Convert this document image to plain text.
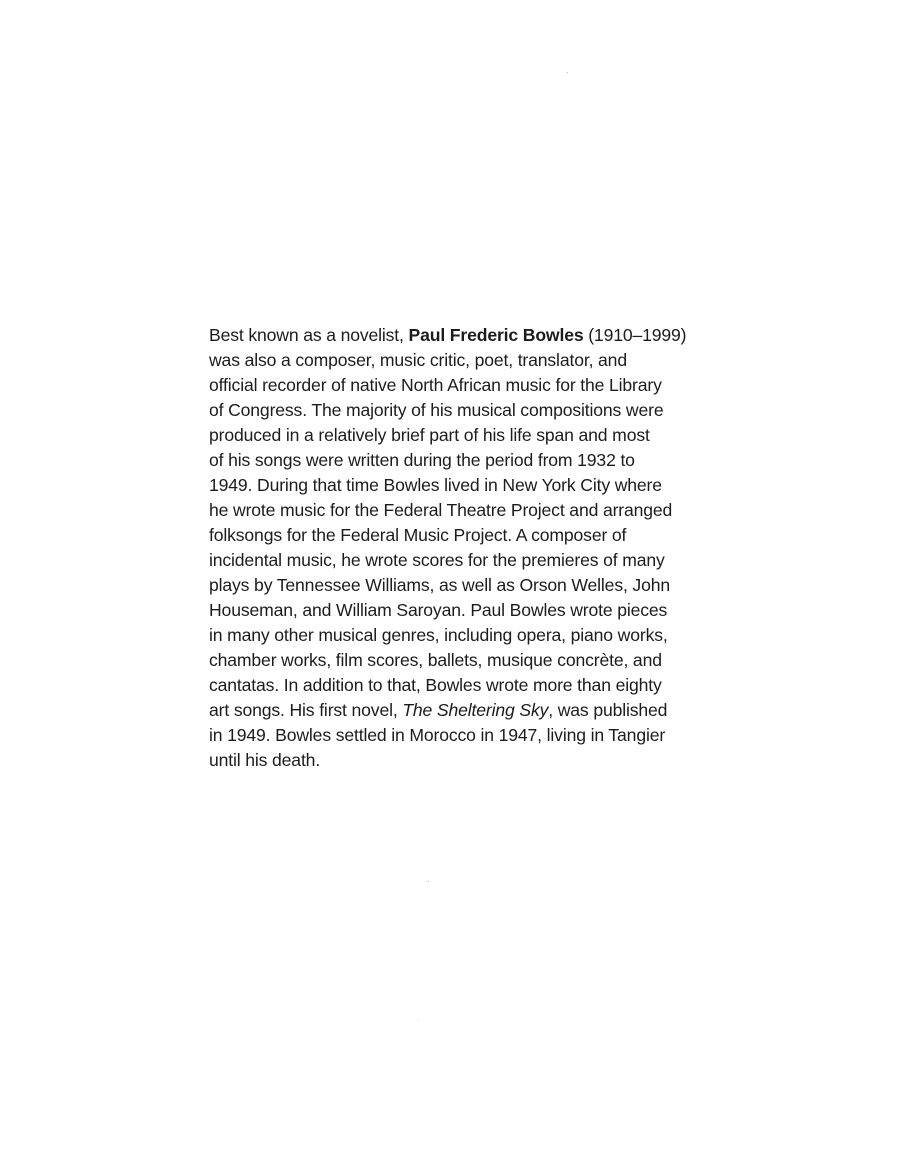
Best known as a novelist, Paul Frederic Bowles (1910–1999)
was also a composer, music critic, poet, translator, and
official recorder of native North African music for the Library
of Congress. The majority of his musical compositions were
produced in a relatively brief part of his life span and most
of his songs were written during the period from 1932 to
1949. During that time Bowles lived in New York City where
he wrote music for the Federal Theatre Project and arranged
folksongs for the Federal Music Project. A composer of
incidental music, he wrote scores for the premieres of many
plays by Tennessee Williams, as well as Orson Welles, John
Houseman, and William Saroyan. Paul Bowles wrote pieces
in many other musical genres, including opera, piano works,
chamber works, film scores, ballets, musique concrète, and
cantatas. In addition to that, Bowles wrote more than eighty
art songs. His first novel, The Sheltering Sky, was published
in 1949. Bowles settled in Morocco in 1947, living in Tangier
until his death.
